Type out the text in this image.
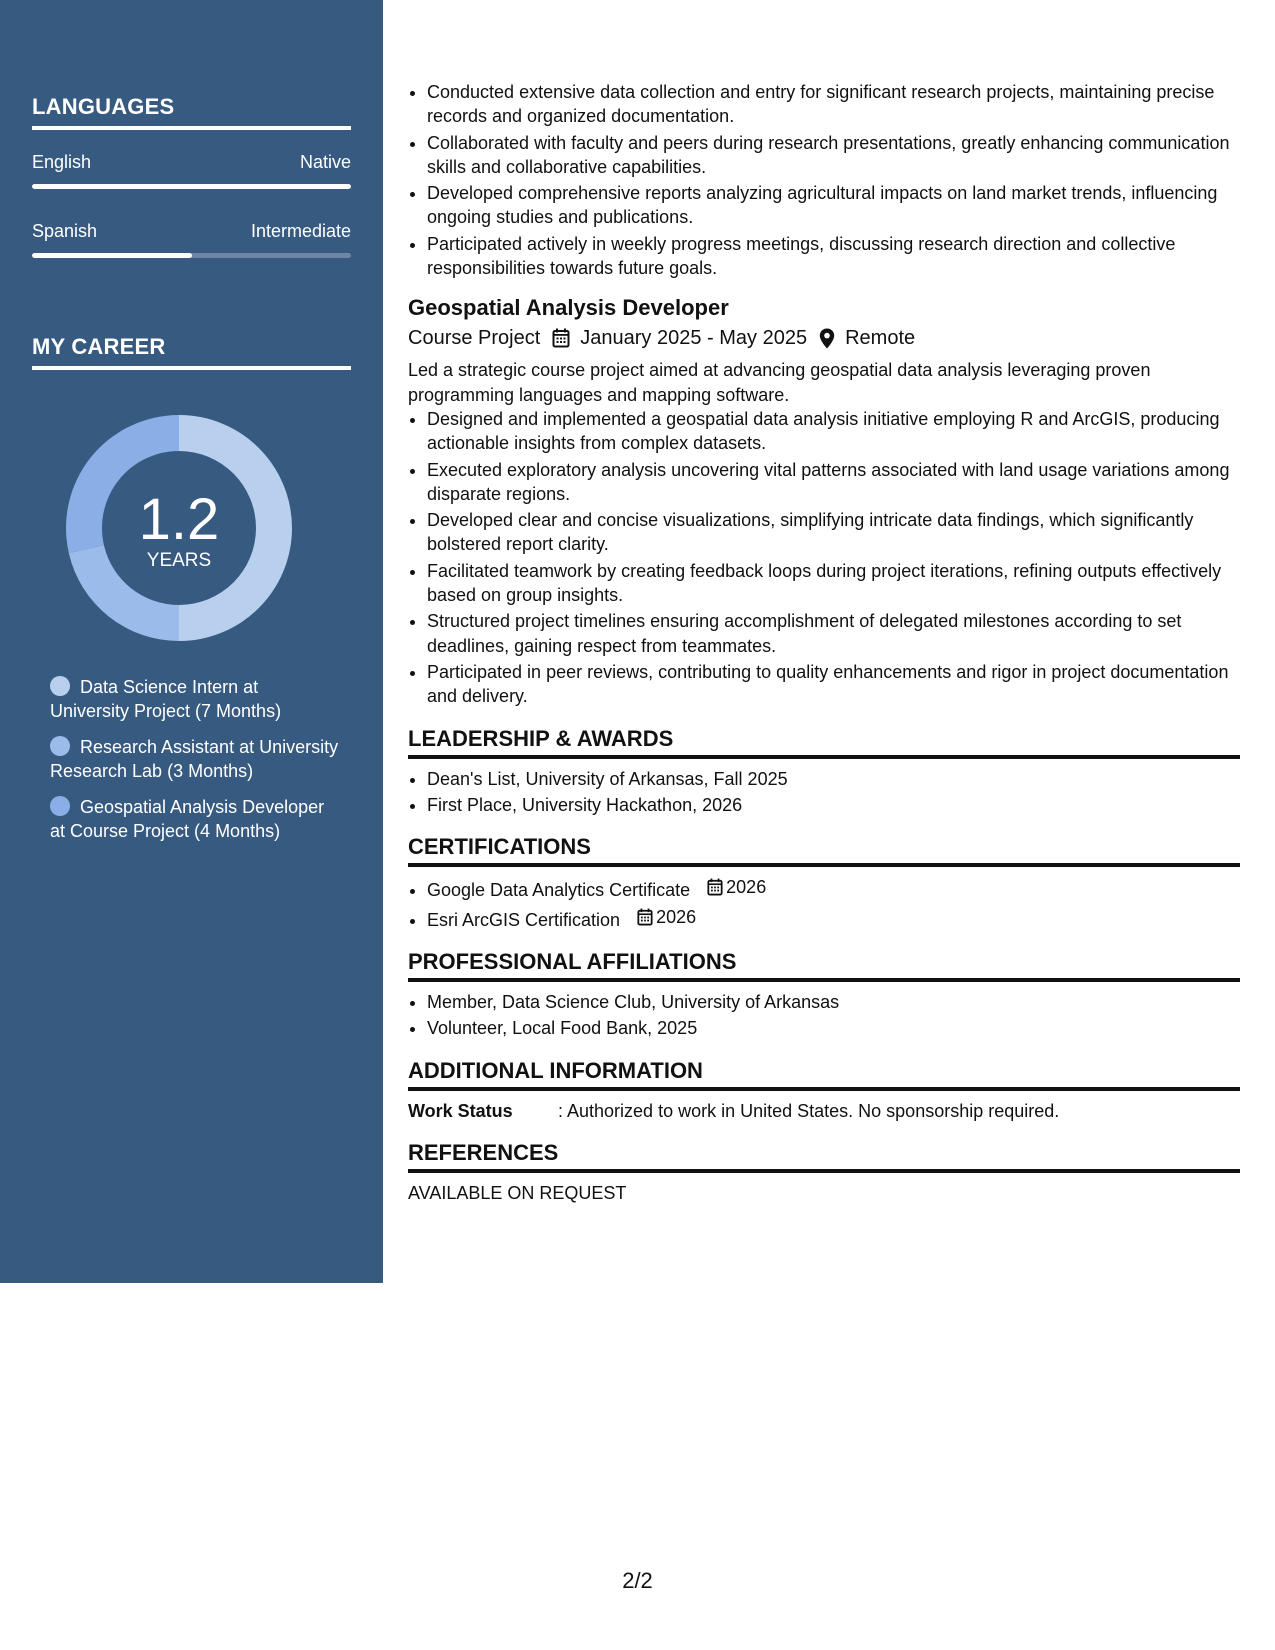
LANGUAGES
English	Native
Spanish	Intermediate
MY CAREER
1.2
YEARS
Data Science Intern at University Project (7 Months)
Research Assistant at University Research Lab (3 Months)
Geospatial Analysis Developer at Course Project (4 Months)
• Conducted extensive data collection and entry for significant research projects, maintaining precise records and organized documentation.
• Collaborated with faculty and peers during research presentations, greatly enhancing communication skills and collaborative capabilities.
• Developed comprehensive reports analyzing agricultural impacts on land market trends, influencing ongoing studies and publications.
• Participated actively in weekly progress meetings, discussing research direction and collective responsibilities towards future goals.
Geospatial Analysis Developer
Course Project January 2025 - May 2025 Remote

Led a strategic course project aimed at advancing geospatial data analysis leveraging proven programming languages and mapping software.

• Designed and implemented a geospatial data analysis initiative employing R and ArcGIS, producing actionable insights from complex datasets.
• Executed exploratory analysis uncovering vital patterns associated with land usage variations among disparate regions.
• Developed clear and concise visualizations, simplifying intricate data findings, which significantly bolstered report clarity.
• Facilitated teamwork by creating feedback loops during project iterations, refining outputs effectively based on group insights.
• Structured project timelines ensuring accomplishment of delegated milestones according to set deadlines, gaining respect from teammates.
• Participated in peer reviews, contributing to quality enhancements and rigor in project documentation and delivery.
LEADERSHIP & AWARDS
• Dean's List, University of Arkansas, Fall 2025
• First Place, University Hackathon, 2026
CERTIFICATIONS
• Google Data Analytics Certificate 2026
• Esri ArcGIS Certification 2026
PROFESSIONAL AFFILIATIONS
• Member, Data Science Club, University of Arkansas
• Volunteer, Local Food Bank, 2025
ADDITIONAL INFORMATION
Work Status	: Authorized to work in United States. No sponsorship required.
REFERENCES

AVAILABLE ON REQUEST

2/2
